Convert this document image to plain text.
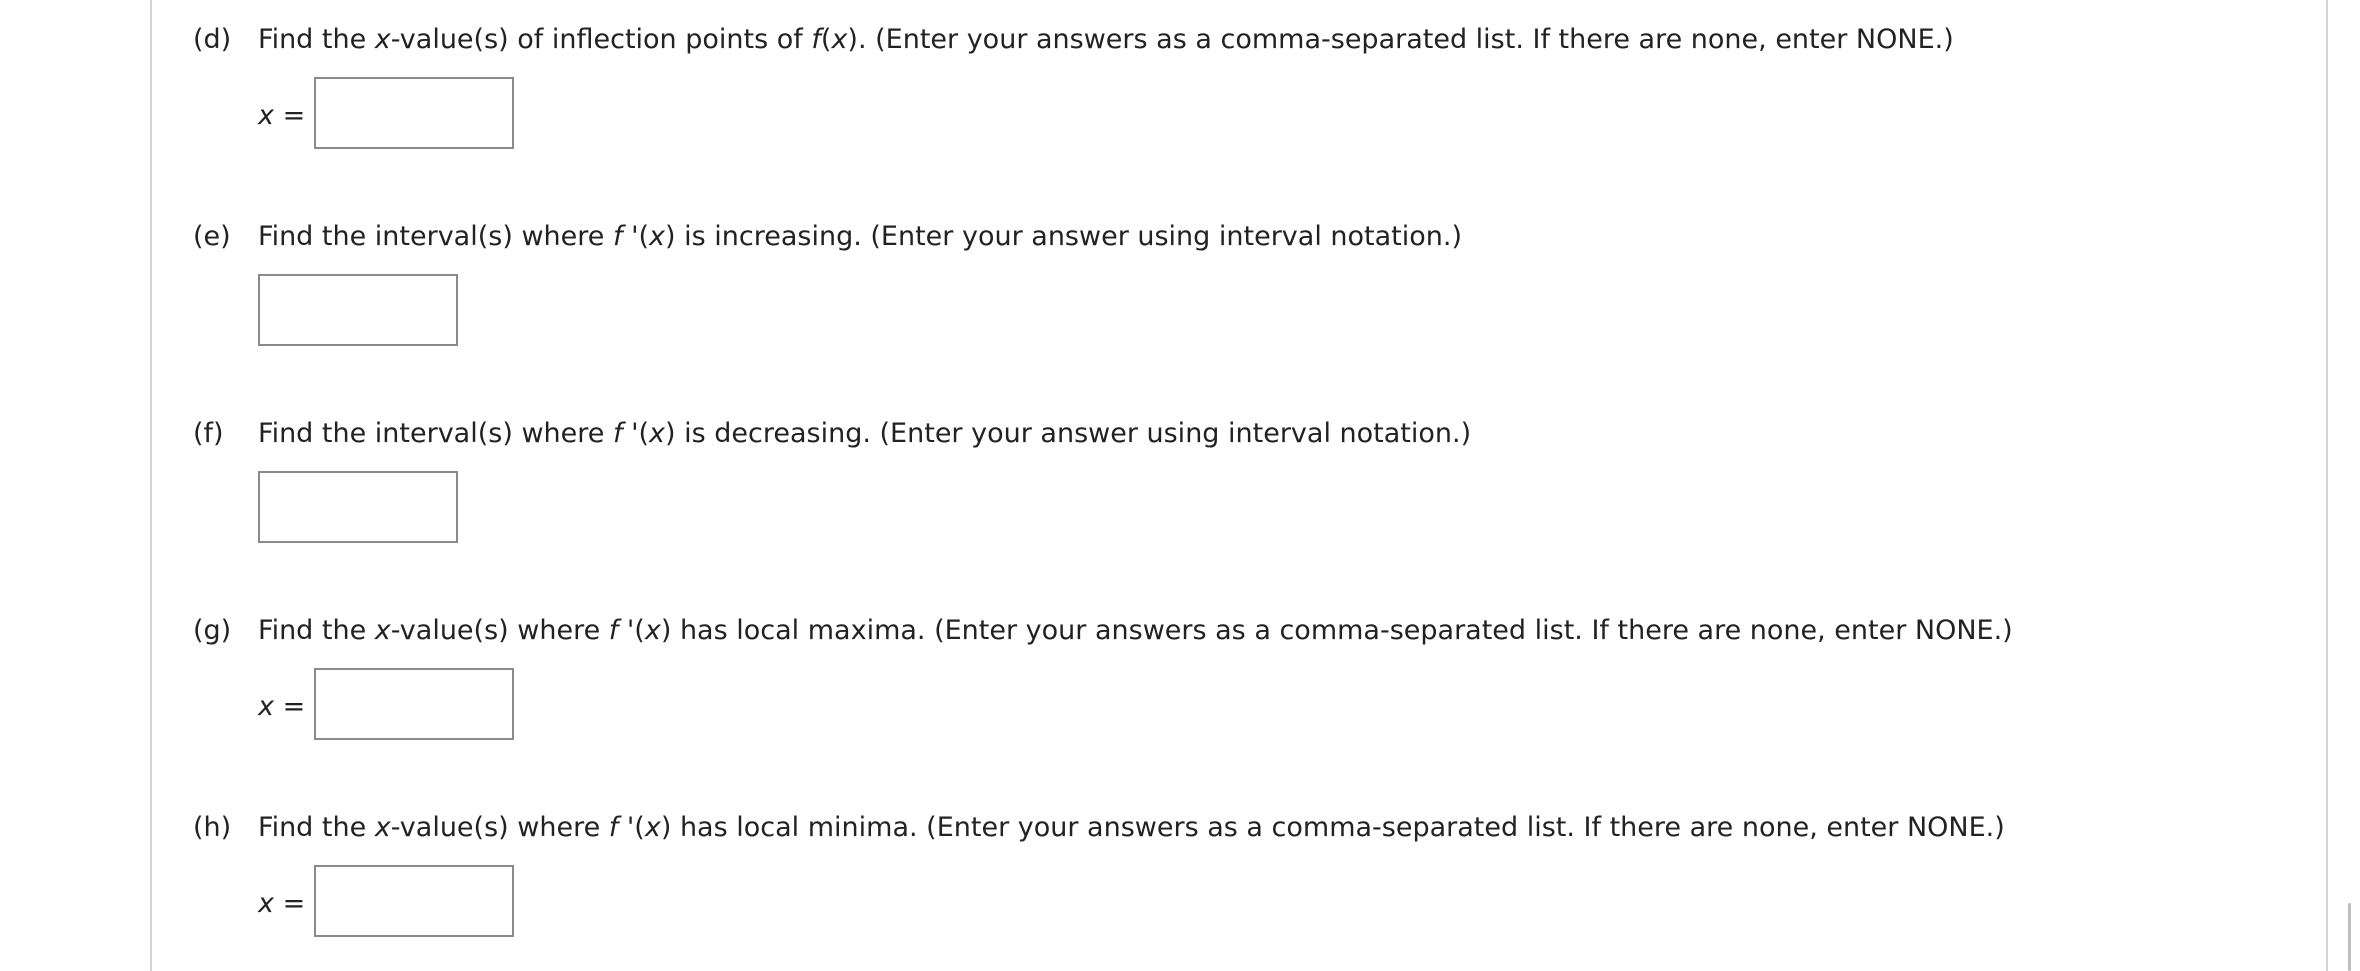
(d) Find the x-value(s) of inflection points of f(x). (Enter your answers as a comma-separated list. If there are none, enter NONE.)
x =
(e) Find the interval(s) where f '(x) is increasing. (Enter your answer using interval notation.)
(f) Find the interval(s) where f '(x) is decreasing. (Enter your answer using interval notation.)
(g) Find the x-value(s) where f '(x) has local maxima. (Enter your answers as a comma-separated list. If there are none, enter NONE.)
x =
(h) Find the x-value(s) where f '(x) has local minima. (Enter your answers as a comma-separated list. If there are none, enter NONE.)
x =
